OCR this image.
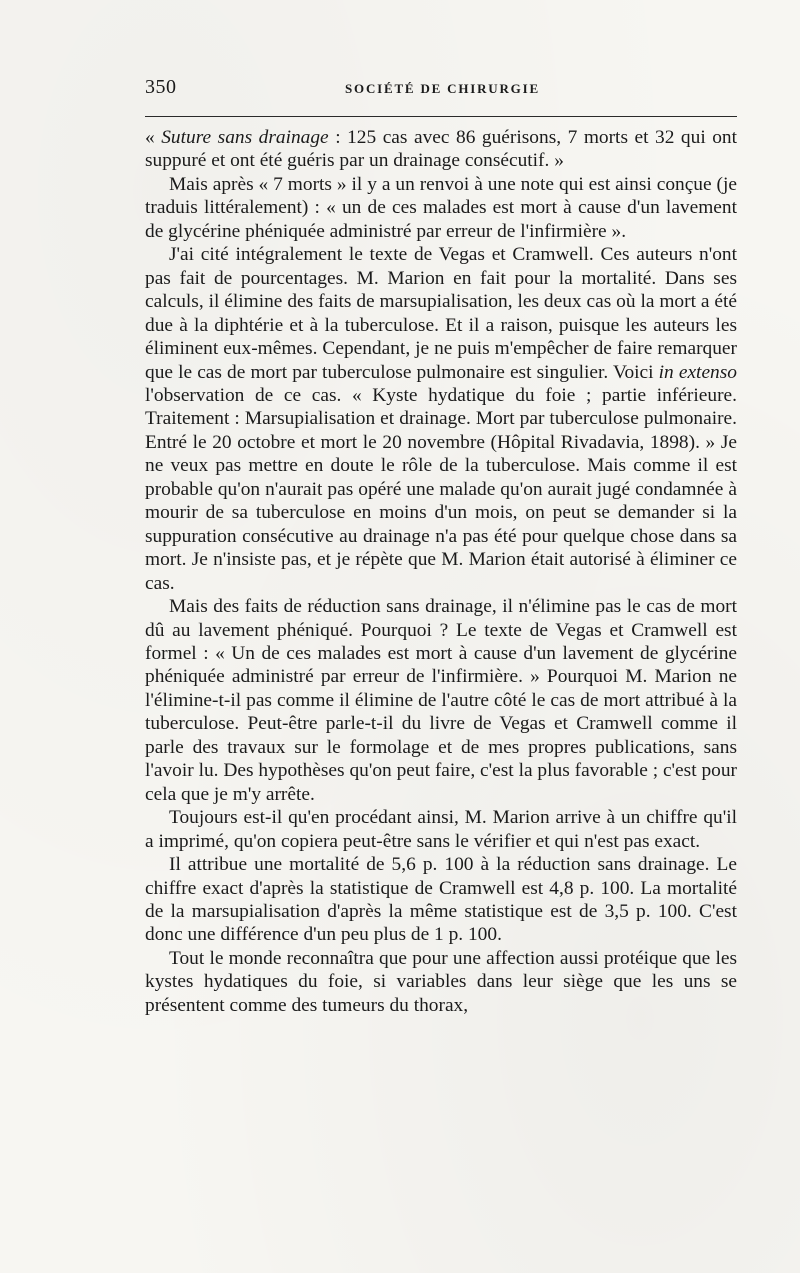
350	SOCIÉTÉ DE CHIRURGIE

« Suture sans drainage : 125 cas avec 86 guérisons, 7 morts et 32 qui ont suppuré et ont été guéris par un drainage consécutif. »

Mais après « 7 morts » il y a un renvoi à une note qui est ainsi conçue (je traduis littéralement) : « un de ces malades est mort à cause d'un lavement de glycérine phéniquée administré par erreur de l'infirmière ».

J'ai cité intégralement le texte de Vegas et Cramwell. Ces auteurs n'ont pas fait de pourcentages. M. Marion en fait pour la mortalité. Dans ses calculs, il élimine des faits de marsupialisation, les deux cas où la mort a été due à la diphtérie et à la tuberculose. Et il a raison, puisque les auteurs les éliminent eux-mêmes. Cependant, je ne puis m'empêcher de faire remarquer que le cas de mort par tuberculose pulmonaire est singulier. Voici in extenso l'observation de ce cas. « Kyste hydatique du foie ; partie inférieure. Traitement : Marsupialisation et drainage. Mort par tuberculose pulmonaire. Entré le 20 octobre et mort le 20 novembre (Hôpital Rivadavia, 1898). » Je ne veux pas mettre en doute le rôle de la tuberculose. Mais comme il est probable qu'on n'aurait pas opéré une malade qu'on aurait jugé condamnée à mourir de sa tuberculose en moins d'un mois, on peut se demander si la suppuration consécutive au drainage n'a pas été pour quelque chose dans sa mort. Je n'insiste pas, et je répète que M. Marion était autorisé à éliminer ce cas.

Mais des faits de réduction sans drainage, il n'élimine pas le cas de mort dû au lavement phéniqué. Pourquoi ? Le texte de Vegas et Cramwell est formel : « Un de ces malades est mort à cause d'un lavement de glycérine phéniquée administré par erreur de l'infirmière. » Pourquoi M. Marion ne l'élimine-t-il pas comme il élimine de l'autre côté le cas de mort attribué à la tuberculose. Peut-être parle-t-il du livre de Vegas et Cramwell comme il parle des travaux sur le formolage et de mes propres publications, sans l'avoir lu. Des hypothèses qu'on peut faire, c'est la plus favorable ; c'est pour cela que je m'y arrête.

Toujours est-il qu'en procédant ainsi, M. Marion arrive à un chiffre qu'il a imprimé, qu'on copiera peut-être sans le vérifier et qui n'est pas exact.

Il attribue une mortalité de 5,6 p. 100 à la réduction sans drainage. Le chiffre exact d'après la statistique de Cramwell est 4,8 p. 100. La mortalité de la marsupialisation d'après la même statistique est de 3,5 p. 100. C'est donc une différence d'un peu plus de 1 p. 100.

Tout le monde reconnaîtra que pour une affection aussi protéique que les kystes hydatiques du foie, si variables dans leur siège que les uns se présentent comme des tumeurs du thorax,
